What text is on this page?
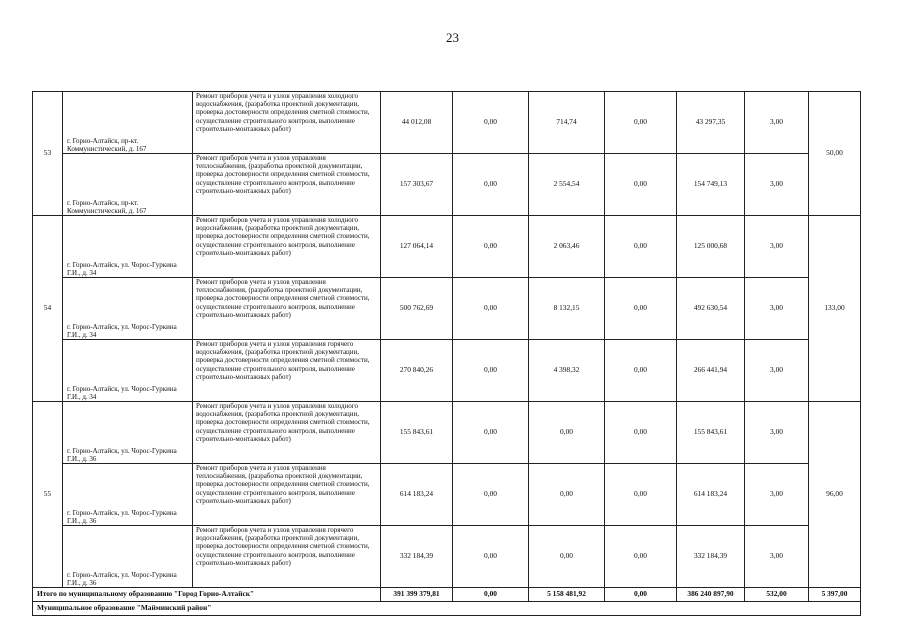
23
53	г. Горно-Алтайск, пр-кт. Коммунистический, д. 167	Ремонт приборов учета и узлов управления холодного водоснабжения, (разработка проектной документации, проверка достоверности определения сметной стоимости, осуществление строительного контроля, выполнение строительно-монтажных работ)	44 012,08	0,00	714,74	0,00	43 297,35	3,00	50,00
	г. Горно-Алтайск, пр-кт. Коммунистический, д. 167	Ремонт приборов учета и узлов управления теплоснабжения, (разработка проектной документации, проверка достоверности определения сметной стоимости, осуществление строительного контроля, выполнение строительно-монтажных работ)	157 303,67	0,00	2 554,54	0,00	154 749,13	3,00	
54	г. Горно-Алтайск, ул. Чорос-Гуркина Г.И., д. 34	Ремонт приборов учета и узлов управления холодного водоснабжения, (разработка проектной документации, проверка достоверности определения сметной стоимости, осуществление строительного контроля, выполнение строительно-монтажных работ)	127 064,14	0,00	2 063,46	0,00	125 000,68	3,00	133,00
	г. Горно-Алтайск, ул. Чорос-Гуркина Г.И., д. 34	Ремонт приборов учета и узлов управления теплоснабжения, (разработка проектной документации, проверка достоверности определения сметной стоимости, осуществление строительного контроля, выполнение строительно-монтажных работ)	500 762,69	0,00	8 132,15	0,00	492 630,54	3,00	
	г. Горно-Алтайск, ул. Чорос-Гуркина Г.И., д. 34	Ремонт приборов учета и узлов управления горячего водоснабжения, (разработка проектной документации, проверка достоверности определения сметной стоимости, осуществление строительного контроля, выполнение строительно-монтажных работ)	270 840,26	0,00	4 398,32	0,00	266 441,94	3,00	
55	г. Горно-Алтайск, ул. Чорос-Гуркина Г.И., д. 36	Ремонт приборов учета и узлов управления холодного водоснабжения, (разработка проектной документации, проверка достоверности определения сметной стоимости, осуществление строительного контроля, выполнение строительно-монтажных работ)	155 843,61	0,00	0,00	0,00	155 843,61	3,00	96,00
	г. Горно-Алтайск, ул. Чорос-Гуркина Г.И., д. 36	Ремонт приборов учета и узлов управления теплоснабжения, (разработка проектной документации, проверка достоверности определения сметной стоимости, осуществление строительного контроля, выполнение строительно-монтажных работ)	614 183,24	0,00	0,00	0,00	614 183,24	3,00	
	г. Горно-Алтайск, ул. Чорос-Гуркина Г.И., д. 36	Ремонт приборов учета и узлов управления горячего водоснабжения, (разработка проектной документации, проверка достоверности определения сметной стоимости, осуществление строительного контроля, выполнение строительно-монтажных работ)	332 184,39	0,00	0,00	0,00	332 184,39	3,00	
Итого по муниципальному образованию "Город Горно-Алтайск"			391 399 379,81	0,00	5 158 481,92	0,00	386 240 897,90	532,00	5 397,00
Муниципальное образование "Майминский район"									
